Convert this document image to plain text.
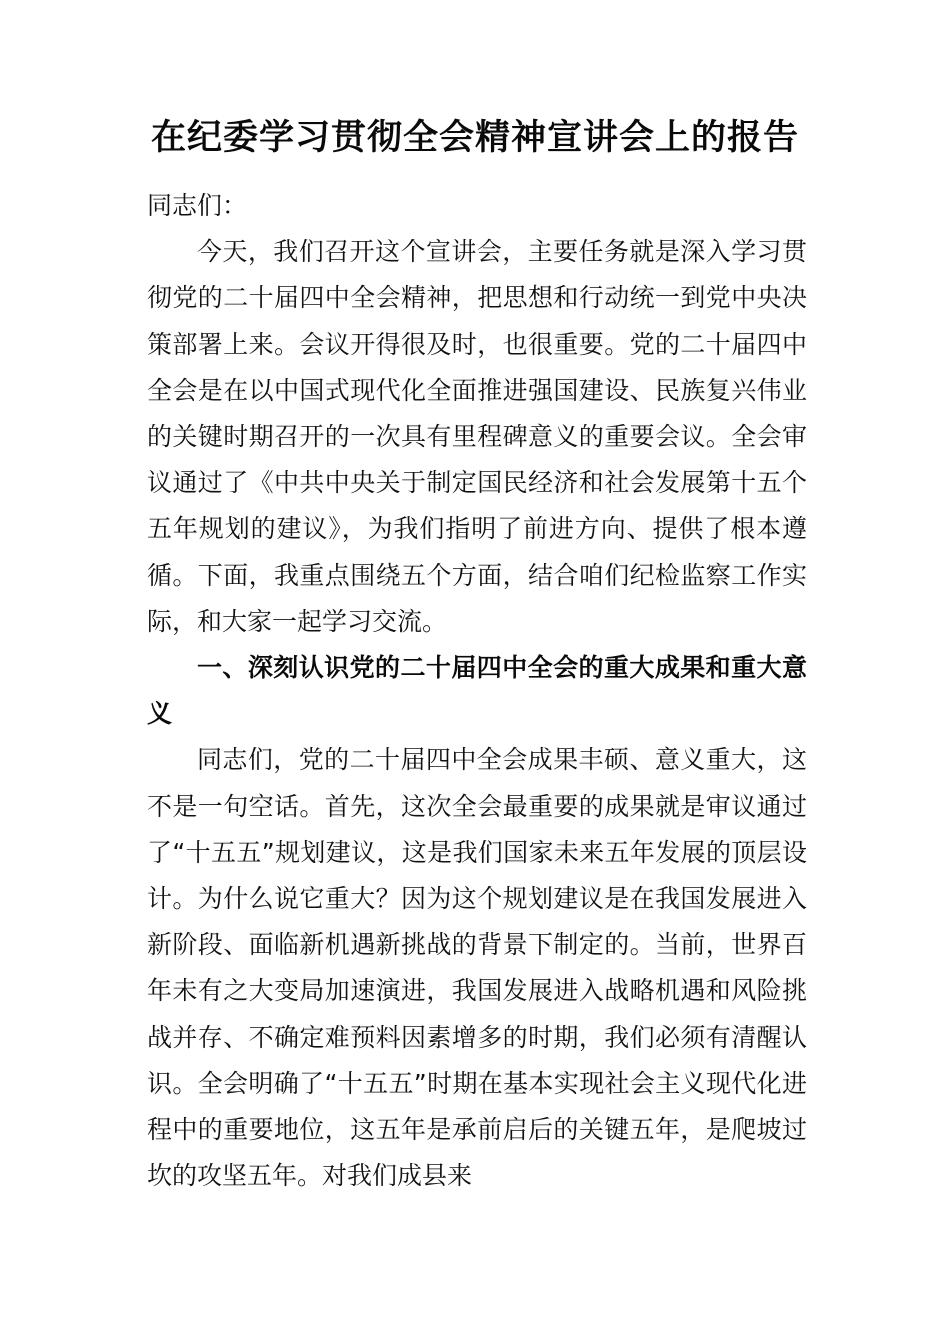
在纪委学习贯彻全会精神宣讲会上的报告

同志们：

今天，我们召开这个宣讲会，主要任务就是深入学习贯彻党的二十届四中全会精神，把思想和行动统一到党中央决策部署上来。会议开得很及时，也很重要。党的二十届四中全会是在以中国式现代化全面推进强国建设、民族复兴伟业的关键时期召开的一次具有里程碑意义的重要会议。全会审议通过了《中共中央关于制定国民经济和社会发展第十五个五年规划的建议》，为我们指明了前进方向、提供了根本遵循。下面，我重点围绕五个方面，结合咱们纪检监察工作实际，和大家一起学习交流。

一、深刻认识党的二十届四中全会的重大成果和重大意义

同志们，党的二十届四中全会成果丰硕、意义重大，这不是一句空话。首先，这次全会最重要的成果就是审议通过了“十五五”规划建议，这是我们国家未来五年发展的顶层设计。为什么说它重大？因为这个规划建议是在我国发展进入新阶段、面临新机遇新挑战的背景下制定的。当前，世界百年未有之大变局加速演进，我国发展进入战略机遇和风险挑战并存、不确定难预料因素增多的时期，我们必须有清醒认识。全会明确了“十五五”时期在基本实现社会主义现代化进程中的重要地位，这五年是承前启后的关键五年，是爬坡过坎的攻坚五年。对我们成县来
